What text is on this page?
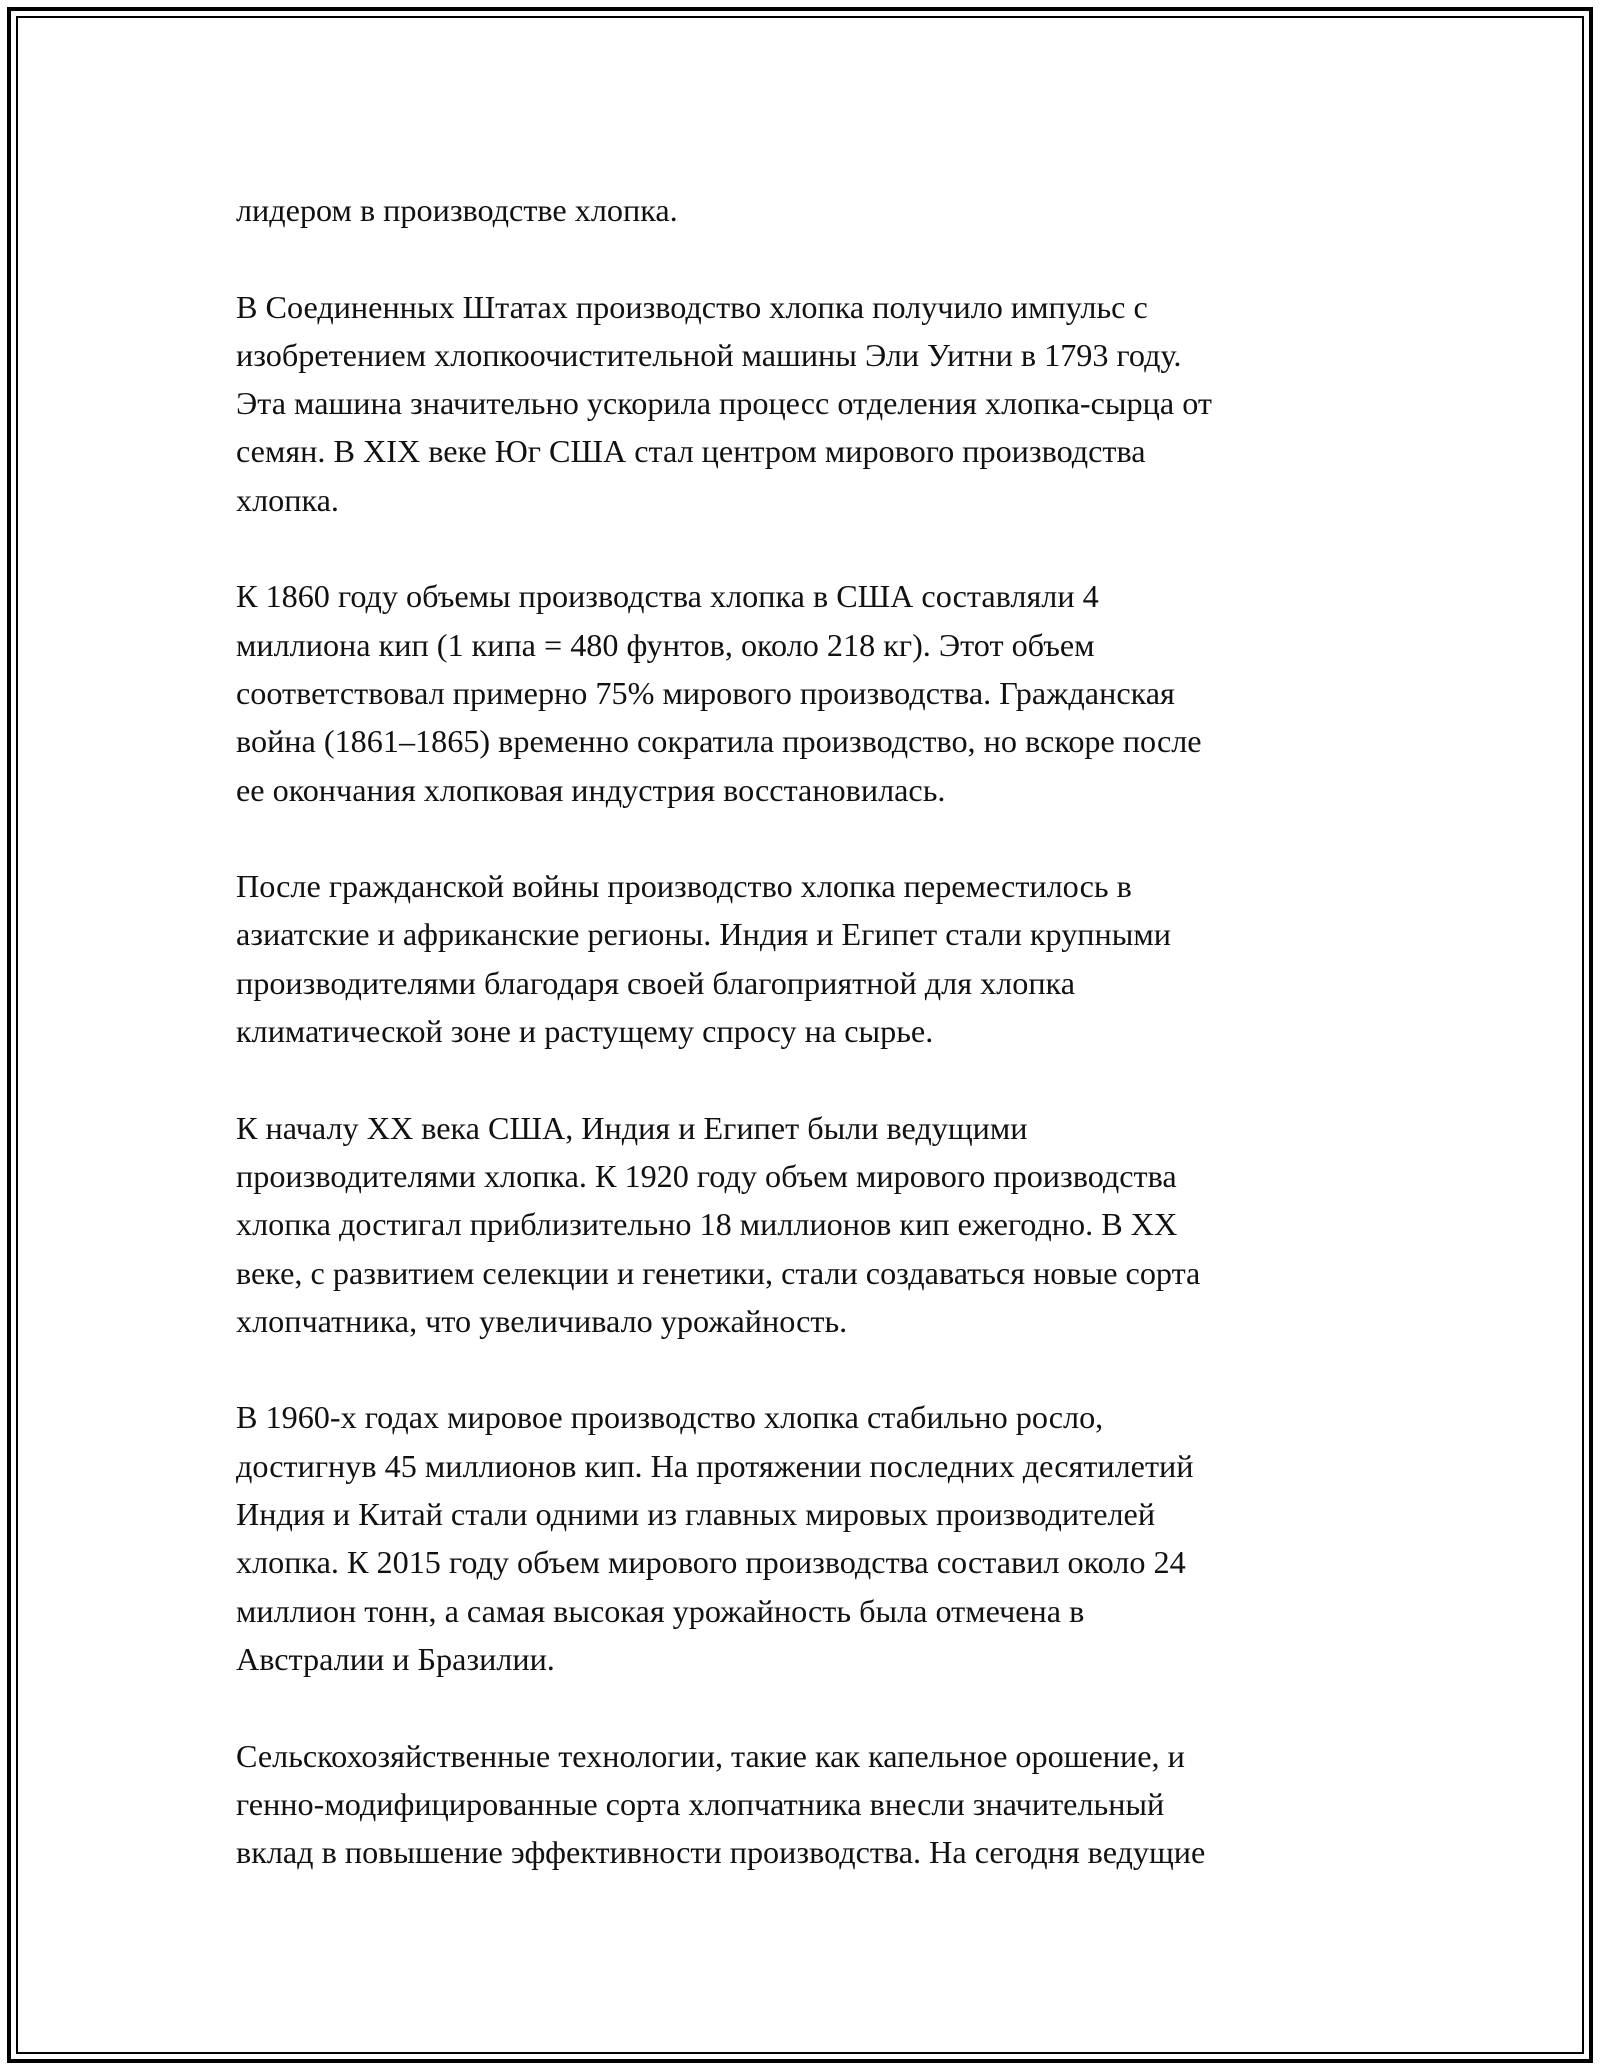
лидером в производстве хлопка.

В Соединенных Штатах производство хлопка получило импульс с
изобретением хлопкоочистительной машины Эли Уитни в 1793 году.
Эта машина значительно ускорила процесс отделения хлопка-сырца от
семян. В XIX веке Юг США стал центром мирового производства
хлопка.

К 1860 году объемы производства хлопка в США составляли 4
миллиона кип (1 кипа = 480 фунтов, около 218 кг). Этот объем
соответствовал примерно 75% мирового производства. Гражданская
война (1861–1865) временно сократила производство, но вскоре после
ее окончания хлопковая индустрия восстановилась.

После гражданской войны производство хлопка переместилось в
азиатские и африканские регионы. Индия и Египет стали крупными
производителями благодаря своей благоприятной для хлопка
климатической зоне и растущему спросу на сырье.

К началу XX века США, Индия и Египет были ведущими
производителями хлопка. К 1920 году объем мирового производства
хлопка достигал приблизительно 18 миллионов кип ежегодно. В XX
веке, с развитием селекции и генетики, стали создаваться новые сорта
хлопчатника, что увеличивало урожайность.

В 1960-х годах мировое производство хлопка стабильно росло,
достигнув 45 миллионов кип. На протяжении последних десятилетий
Индия и Китай стали одними из главных мировых производителей
хлопка. К 2015 году объем мирового производства составил около 24
миллион тонн, а самая высокая урожайность была отмечена в
Австралии и Бразилии.

Сельскохозяйственные технологии, такие как капельное орошение, и
генно-модифицированные сорта хлопчатника внесли значительный
вклад в повышение эффективности производства. На сегодня ведущие
